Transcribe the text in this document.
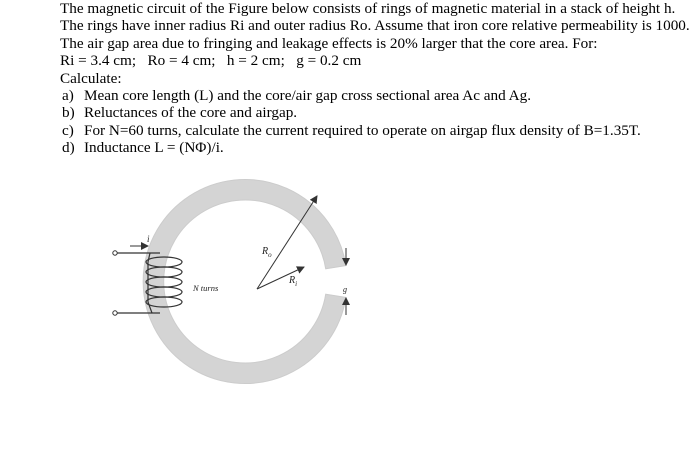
The magnetic circuit of the Figure below consists of rings of magnetic material in a stack of height h. The rings have inner radius Ri and outer radius Ro. Assume that iron core relative permeability is 1000. The air gap area due to fringing and leakage effects is 20% larger that the core area. For:

Ri = 3.4 cm;   Ro = 4 cm;   h = 2 cm;   g = 0.2 cm

Calculate:

a) Mean core length (L) and the core/air gap cross sectional area Ac and Ag.
b) Reluctances of the core and airgap.
c) For N=60 turns, calculate the current required to operate on airgap flux density of B=1.35T.
d) Inductance L = (NΦ)/i.
g
$R_o$
$R_i$
i
N turns
